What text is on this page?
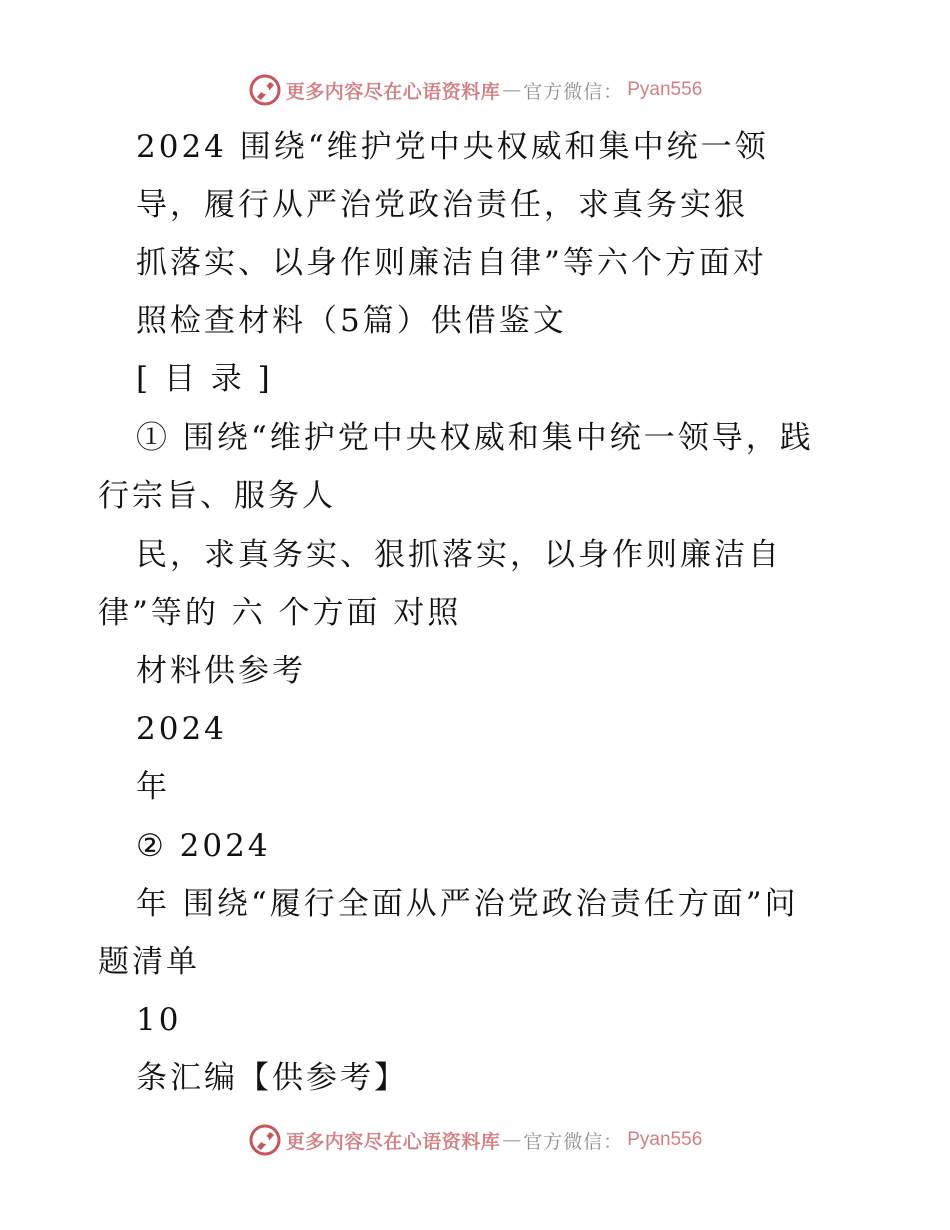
更多内容尽在心语资料库 — 官方微信： Pyan556
2024 围绕“维护党中央权威和集中统一领
导，履行从严治党政治责任，求真务实狠
抓落实、以身作则廉洁自律”等六个方面对
照检查材料（5篇）供借鉴文
[ 目 录 ]
① 围绕“维护党中央权威和集中统一领导，践
行宗旨、服务人
民，求真务实、狠抓落实，以身作则廉洁自
律”等的 六 个方面 对照
材料供参考
2024
年
② 2024
年 围绕“履行全面从严治党政治责任方面”问
题清单
10
条汇编【供参考】
更多内容尽在心语资料库 — 官方微信： Pyan556
